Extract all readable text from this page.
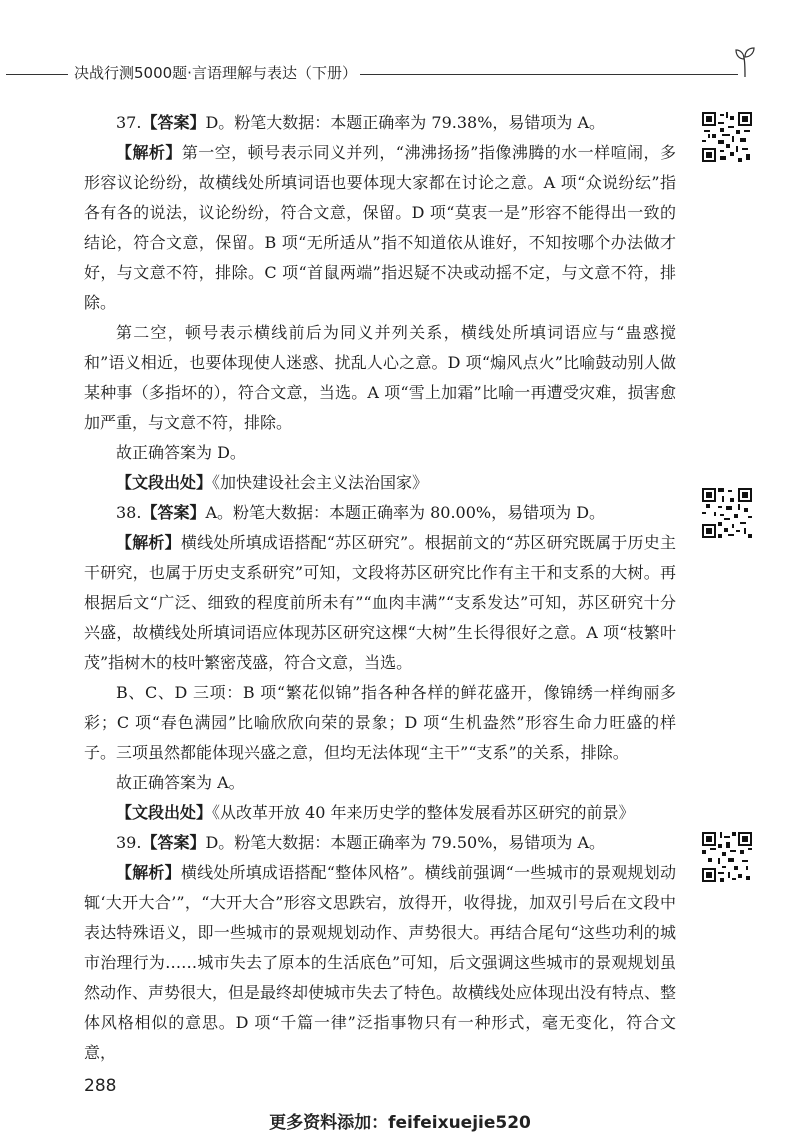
决战行测5000题·言语理解与表达（下册）

37.【答案】D。粉笔大数据：本题正确率为 79.38%，易错项为 A。

【解析】第一空，顿号表示同义并列，“沸沸扬扬”指像沸腾的水一样喧闹，多形容议论纷纷，故横线处所填词语也要体现大家都在讨论之意。A 项“众说纷纭”指各有各的说法，议论纷纷，符合文意，保留。D 项“莫衷一是”形容不能得出一致的结论，符合文意，保留。B 项“无所适从”指不知道依从谁好，不知按哪个办法做才好，与文意不符，排除。C 项“首鼠两端”指迟疑不决或动摇不定，与文意不符，排除。

第二空，顿号表示横线前后为同义并列关系，横线处所填词语应与“蛊惑搅和”语义相近，也要体现使人迷惑、扰乱人心之意。D 项“煽风点火”比喻鼓动别人做某种事（多指坏的），符合文意，当选。A 项“雪上加霜”比喻一再遭受灾难，损害愈加严重，与文意不符，排除。

故正确答案为 D。

【文段出处】《加快建设社会主义法治国家》

38.【答案】A。粉笔大数据：本题正确率为 80.00%，易错项为 D。

【解析】横线处所填成语搭配“苏区研究”。根据前文的“苏区研究既属于历史主干研究，也属于历史支系研究”可知，文段将苏区研究比作有主干和支系的大树。再根据后文“广泛、细致的程度前所未有”“血肉丰满”“支系发达”可知，苏区研究十分兴盛，故横线处所填词语应体现苏区研究这棵“大树”生长得很好之意。A 项“枝繁叶茂”指树木的枝叶繁密茂盛，符合文意，当选。

B、C、D 三项：B 项“繁花似锦”指各种各样的鲜花盛开，像锦绣一样绚丽多彩；C 项“春色满园”比喻欣欣向荣的景象；D 项“生机盎然”形容生命力旺盛的样子。三项虽然都能体现兴盛之意，但均无法体现“主干”“支系”的关系，排除。

故正确答案为 A。

【文段出处】《从改革开放 40 年来历史学的整体发展看苏区研究的前景》

39.【答案】D。粉笔大数据：本题正确率为 79.50%，易错项为 A。

【解析】横线处所填成语搭配“整体风格”。横线前强调“一些城市的景观规划动辄‘大开大合’”，“大开大合”形容文思跌宕，放得开，收得拢，加双引号后在文段中表达特殊语义，即一些城市的景观规划动作、声势很大。再结合尾句“这些功利的城市治理行为……城市失去了原本的生活底色”可知，后文强调这些城市的景观规划虽然动作、声势很大，但是最终却使城市失去了特色。故横线处应体现出没有特点、整体风格相似的意思。D 项“千篇一律”泛指事物只有一种形式，毫无变化，符合文意，

288
更多资料添加：feifeixuejie520
